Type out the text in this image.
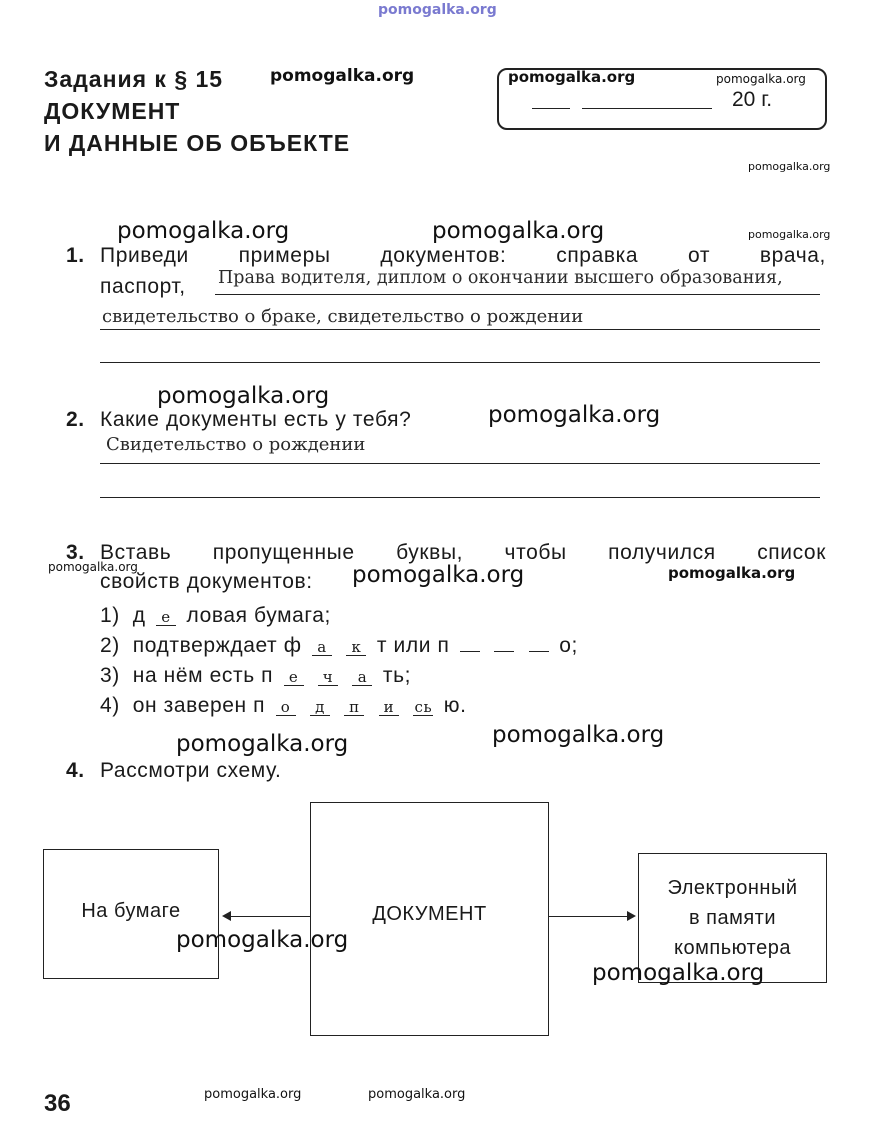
pomogalka.org
Задания к § 15	pomogalka.org
ДОКУМЕНТ
И ДАННЫЕ ОБ ОБЪЕКТЕ
pomogalka.org	pomogalka.org
20 г.
pomogalka.org
pomogalka.org
pomogalka.org	pomogalka.org
1. Приведи примеры документов: справка от врача,
паспорт, Права водителя, диплом о окончании высшего образования,
свидетельство о браке, свидетельство о рождении
pomogalka.org
2. Какие документы есть у тебя?	pomogalka.org
Свидетельство о рождении
3. Вставь пропущенные буквы, чтобы получился список
pomogalka.org
свойств документов: pomogalka.org	pomogalka.org
1) д е ловая бумага;
2) подтверждает ф а к т или п	о;
3) на нём есть п е ч а ть;
4) он заверен п о д п и сь ю.
pomogalka.org	pomogalka.org
4. Рассмотри схему.
На бумаге	ДОКУМЕНТ
Электронный
в памяти
компьютера
pomogalka.org
pomogalka.org
36	pomogalka.org	pomogalka.org
